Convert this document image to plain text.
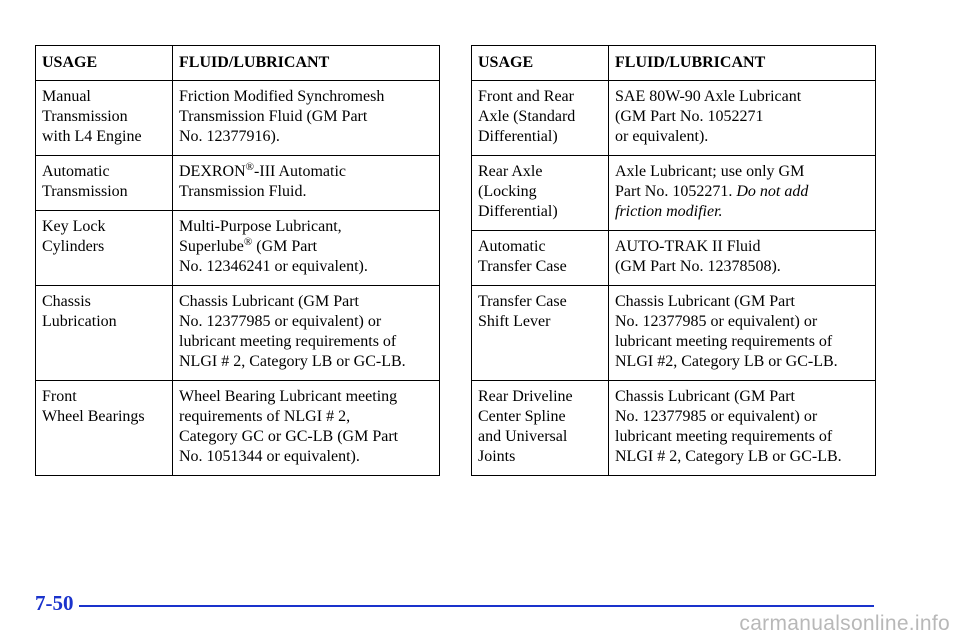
USAGE	FLUID/LUBRICANT

Manual
Transmission
with L4 Engine	Friction Modified Synchromesh
Transmission Fluid (GM Part
No. 12377916).

Automatic
Transmission	DEXRON®-III Automatic
Transmission Fluid.

Key Lock
Cylinders	Multi-Purpose Lubricant,
Superlube® (GM Part
No. 12346241 or equivalent).

Chassis
Lubrication	Chassis Lubricant (GM Part
No. 12377985 or equivalent) or
lubricant meeting requirements of
NLGI # 2, Category LB or GC-LB.

Front
Wheel Bearings	Wheel Bearing Lubricant meeting
requirements of NLGI # 2,
Category GC or GC-LB (GM Part
No. 1051344 or equivalent).
USAGE	FLUID/LUBRICANT

Front and Rear
Axle (Standard
Differential)	SAE 80W-90 Axle Lubricant
(GM Part No. 1052271
or equivalent).

Rear Axle
(Locking
Differential)	Axle Lubricant; use only GM
Part No. 1052271. Do not add
friction modifier.

Automatic
Transfer Case	AUTO-TRAK II Fluid
(GM Part No. 12378508).

Transfer Case
Shift Lever	Chassis Lubricant (GM Part
No. 12377985 or equivalent) or
lubricant meeting requirements of
NLGI #2, Category LB or GC-LB.

Rear Driveline
Center Spline
and Universal
Joints	Chassis Lubricant (GM Part
No. 12377985 or equivalent) or
lubricant meeting requirements of
NLGI # 2, Category LB or GC-LB.
7-50
carmanualsonline.info
